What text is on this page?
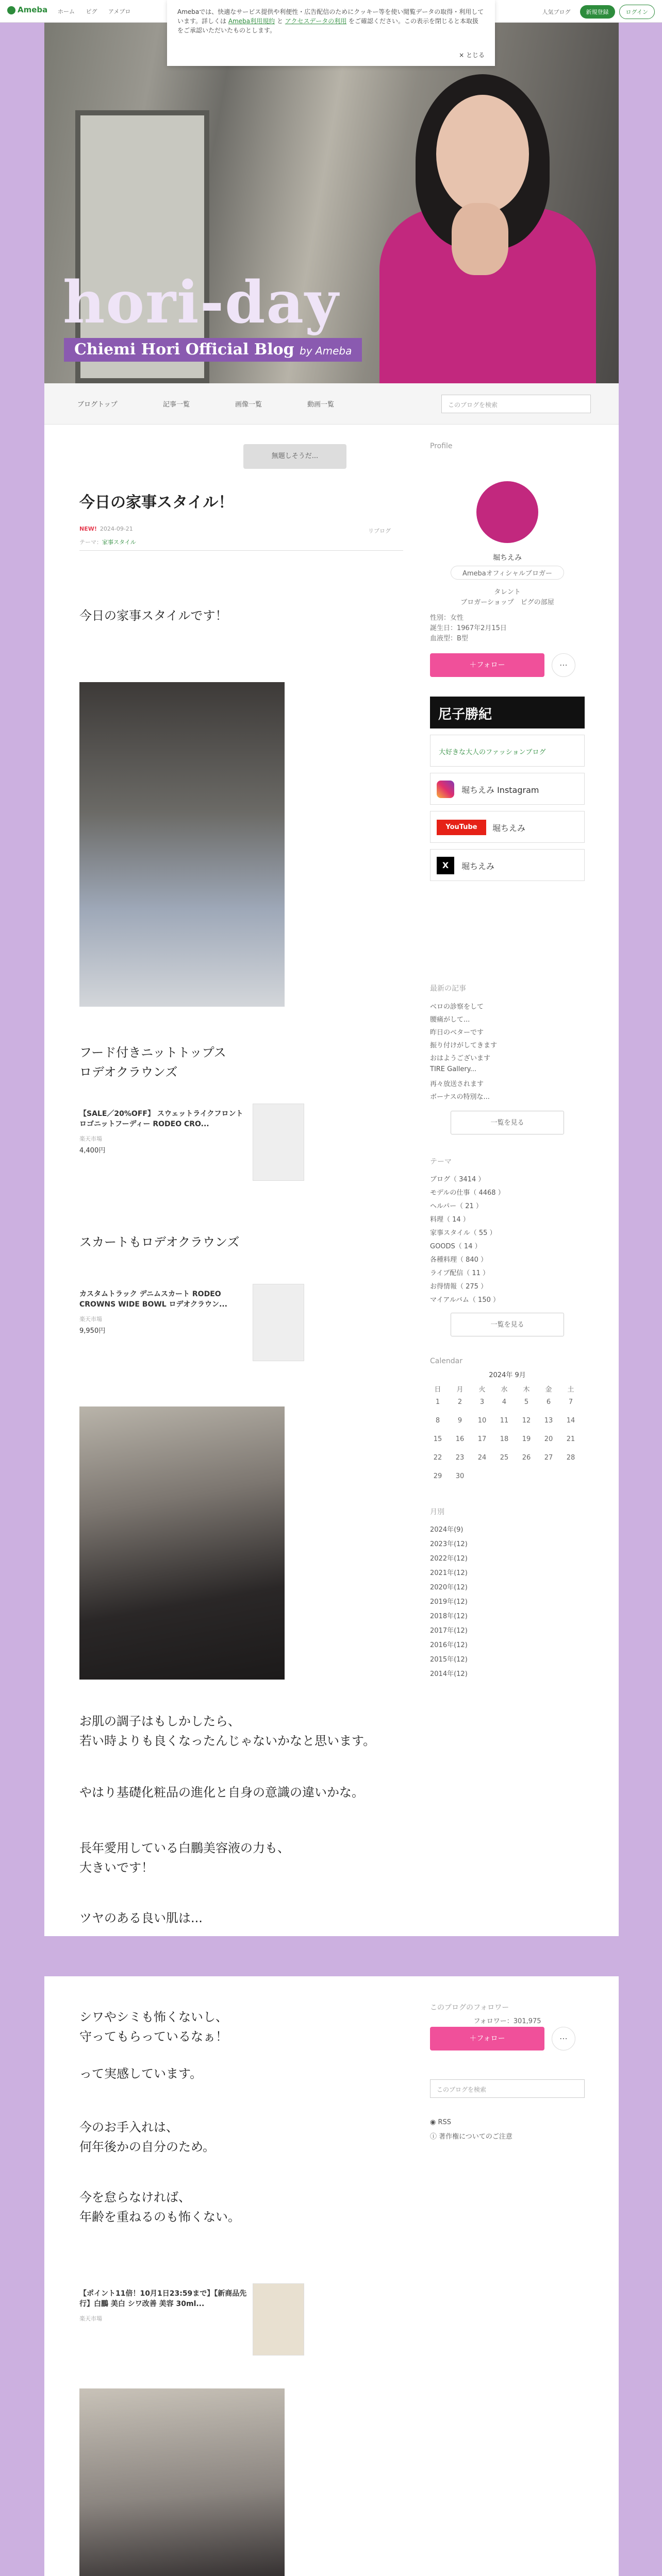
Ameba ホーム ピグ アメブロ	人気ブログ	新規登録	ログイン
hori-day
Chiemi Hori Official Blog by Ameba
Amebaでは、快適なサービス提供や利便性・広告配信のためにクッキー等を使い閲覧データの取得・利用しています。詳しくは Ameba利用規約 と アクセスデータの利用 をご確認ください。この表示を閉じると本取扱をご承認いただいたものとします。
× とじる
ブログトップ	記事一覧	画像一覧	動画一覧	このブログを検索
無題しそうだ...
今日の家事スタイル！
NEW! 2024-09-21
テーマ：家事スタイル
リブログ
今日の家事スタイルです！
フード付きニットトップス
ロデオクラウンズ
【SALE／20%OFF】 スウェットライクフロントロゴニットフーディー RODEO CRO...
楽天市場
4,400円
スカートもロデオクラウンズ
カスタムトラック デニムスカート RODEO CROWNS WIDE BOWL ロデオクラウン...
楽天市場
9,950円
お肌の調子はもしかしたら、
若い時よりも良くなったんじゃないかなと思います。
やはり基礎化粧品の進化と自身の意識の違いかな。
長年愛用している白鵬美容液の力も、
大きいです！
ツヤのある良い肌は...
Profile
堀ちえみ
Amebaオフィシャルブロガー
タレント
ブロガーショップ　ピグの部屋
性別：女性
誕生日：1967年2月15日
血液型：B型
＋フォロー	⋯
尼子勝紀
大好きな大人のファッションブログ
堀ちえみ Instagram
YouTube	堀ちえみ
X	堀ちえみ
最新の記事
ベロの診察をして
腰痛がして...
昨日のベターです
振り付けがしてきます
おはようございます
TIRE Gallery...
再々放送されます
ボーナスの特別な...
一覧を見る
テーマ
ブログ（ 3414 ）
モデルの仕事（ 4468 ）
ヘルパー（ 21 ）
料理（ 14 ）
家事スタイル（ 55 ）
GOODS（ 14 ）
各種料理（ 840 ）
ライブ配信（ 11 ）
お得情報（ 275 ）
マイアルバム（ 150 ）
一覧を見る
Calendar
2024年 9月
日	月	火	水	木	金	土
1	2	3	4	5	6	7
8	9	10	11	12	13	14
15	16	17	18	19	20	21
22	23	24	25	26	27	28
29	30
月別
2024年(9)
2023年(12)
2022年(12)
2021年(12)
2020年(12)
2019年(12)
2018年(12)
2017年(12)
2016年(12)
2015年(12)
2014年(12)
シワやシミも怖くないし、
守ってもらっているなぁ！
って実感しています。
今のお手入れは、
何年後かの自分のため。
今を怠らなければ、
年齢を重ねるのも怖くない。
【ポイント11倍！10月1日23:59まで】【新商品先行】白鵬 美白 シワ改善 美容 30ml...
楽天市場
このブログのフォロワー
フォロワー：301,975
＋フォロー	⋯
このブログを検索
◉ RSS
ⓘ 著作権についてのご注意
